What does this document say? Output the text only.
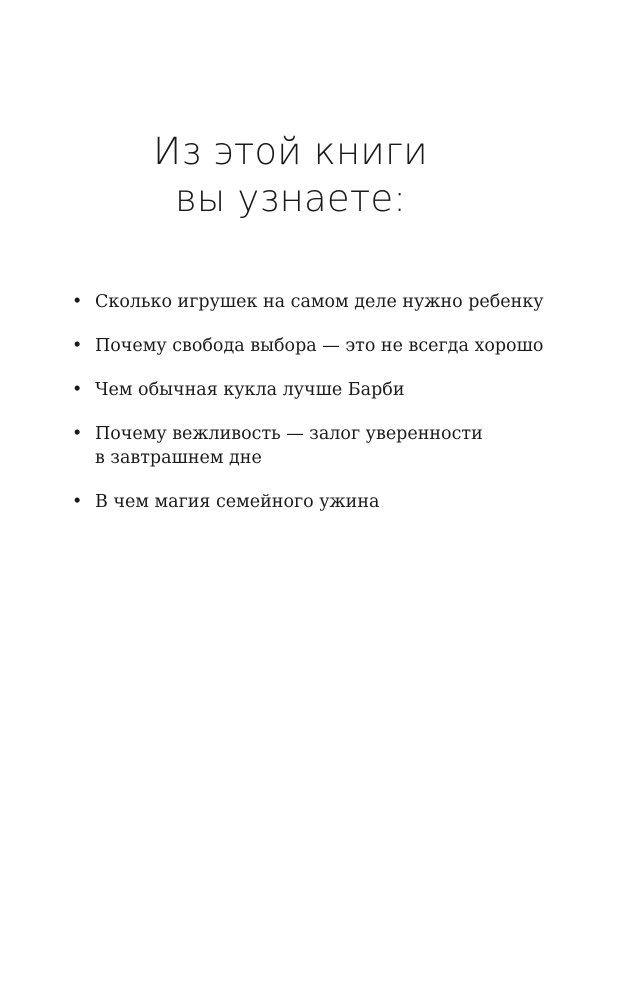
Из этой книги
вы узнаете:
• Сколько игрушек на самом деле нужно ребенку
• Почему свобода выбора — это не всегда хорошо
• Чем обычная кукла лучше Барби
• Почему вежливость — залог уверенности
в завтрашнем дне
• В чем магия семейного ужина
